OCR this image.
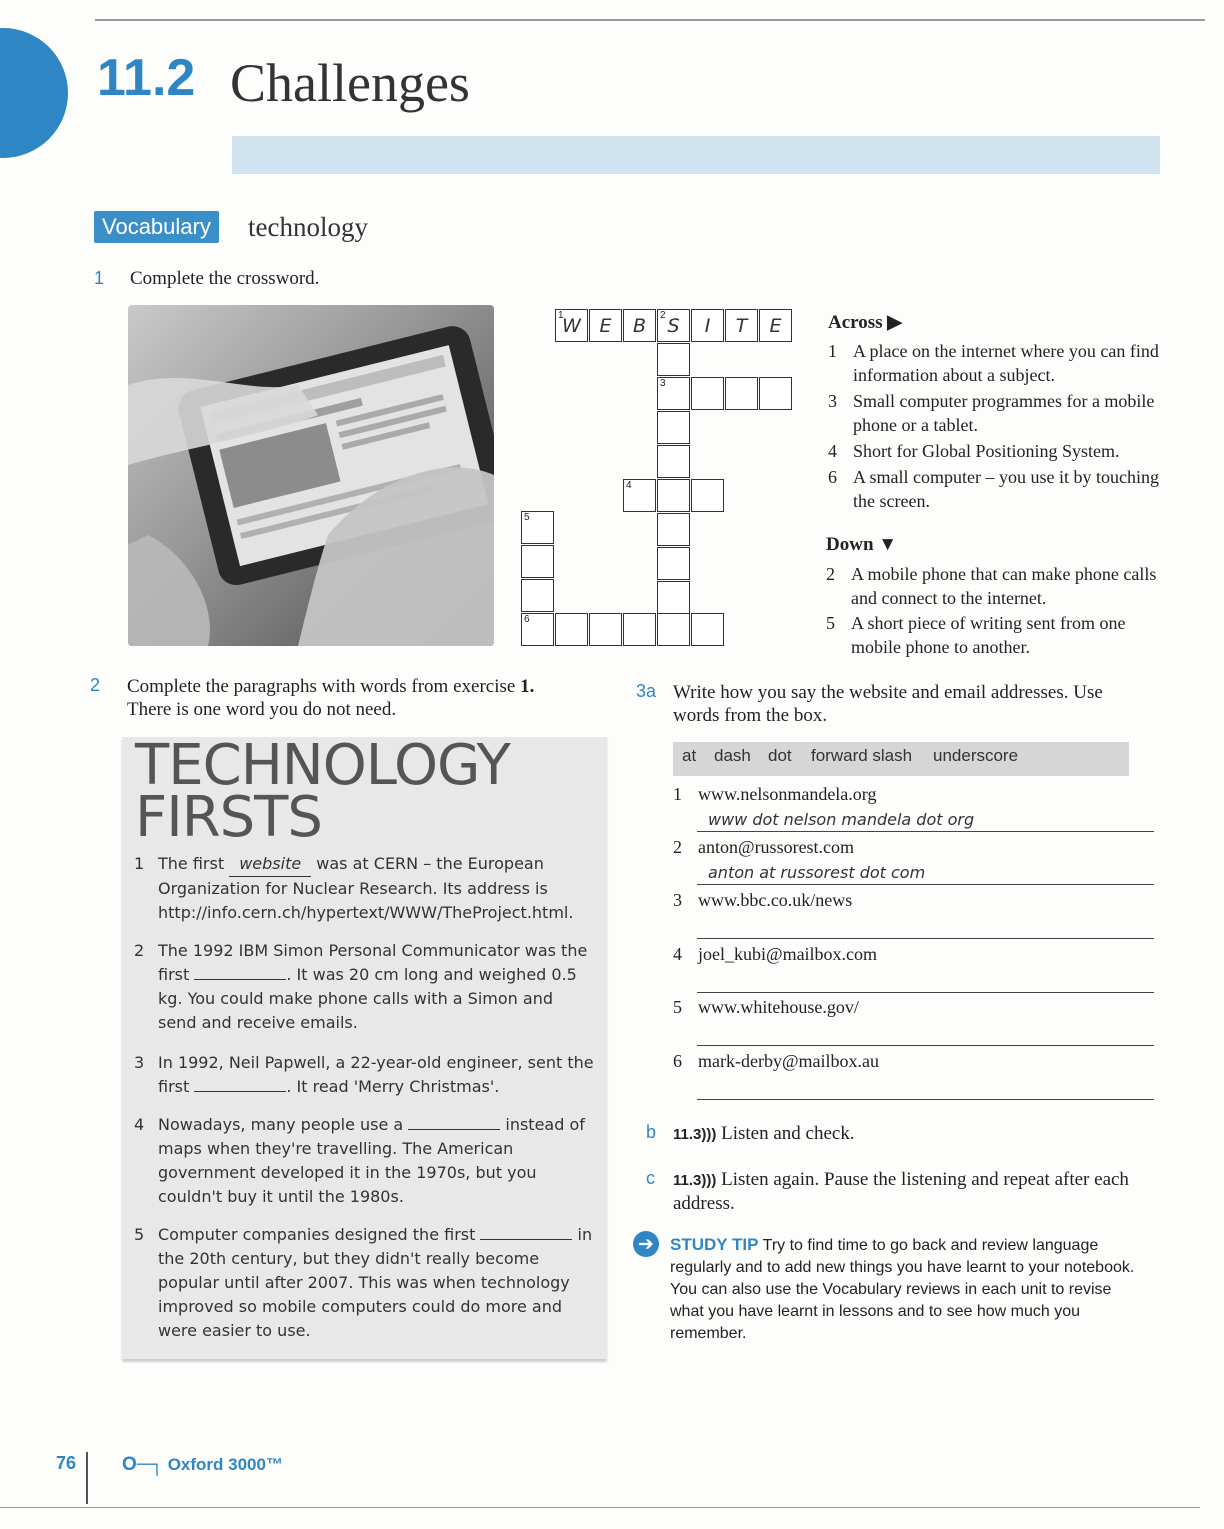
11.2 Challenges
Vocabulary technology
1 Complete the crossword.
1
W E	B	2 S	I	T	E
3
4
5
6
Across ▶
1 A place on the internet where you can find information about a subject.
3 Small computer programmes for a mobile phone or a tablet.
4 Short for Global Positioning System.
6 A small computer – you use it by touching the screen.
Down ▼
2 A mobile phone that can make phone calls and connect to the internet.
5 A short piece of writing sent from one mobile phone to another.
2 Complete the paragraphs with words from exercise 1.
There is one word you do not need.
TECHNOLOGY
FIRSTS
1 The first website was at CERN – the European Organization for Nuclear Research. Its address is http://info.cern.ch/hypertext/WWW/TheProject.html.
2 The 1992 IBM Simon Personal Communicator was the first	. It was 20 cm long and weighed 0.5 kg. You could make phone calls with a Simon and send and receive emails.
3 In 1992, Neil Papwell, a 22-year-old engineer, sent the first	. It read 'Merry Christmas'.
4 Nowadays, many people use a	instead of maps when they're travelling. The American government developed it in the 1970s, but you couldn't buy it until the 1980s.
5 Computer companies designed the first	in the 20th century, but they didn't really become popular until after 2007. This was when technology improved so mobile computers could do more and were easier to use.
3a Write how you say the website and email addresses. Use words from the box.
at dash dot forward slash underscore
1 www.nelsonmandela.org
www dot nelson mandela dot org
2 anton@russorest.com
anton at russorest dot com
3 www.bbc.co.uk/news
4 joel_kubi@mailbox.com
5 www.whitehouse.gov/
6 mark-derby@mailbox.au
b 11.3))) Listen and check.
c 11.3))) Listen again. Pause the listening and repeat after each address.
➔ STUDY TIP Try to find time to go back and review language regularly and to add new things you have learnt to your notebook. You can also use the Vocabulary reviews in each unit to revise what you have learnt in lessons and to see how much you remember.
76 O─┐ Oxford 3000™
